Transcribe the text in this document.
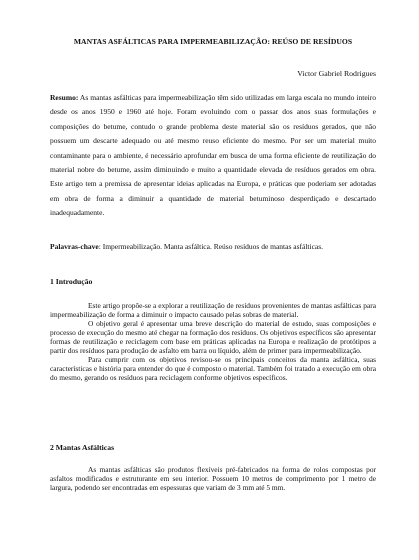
MANTAS ASFÁLTICAS PARA IMPERMEABILIZAÇÃO: REÚSO DE RESÍDUOS
Victor Gabriel Rodrigues
Resumo: As mantas asfálticas para impermeabilização têm sido utilizadas em larga escala no mundo inteiro desde os anos 1950 e 1960 até hoje. Foram evoluindo com o passar dos anos suas formulações e composições do betume, contudo o grande problema deste material são os resíduos gerados, que não possuem um descarte adequado ou até mesmo reuso eficiente do mesmo. Por ser um material muito contaminante para o ambiente, é necessário aprofundar em busca de uma forma eficiente de reutilização do material nobre do betume, assim diminuindo e muito a quantidade elevada de resíduos gerados em obra. Este artigo tem a premissa de apresentar ideias aplicadas na Europa, e práticas que poderiam ser adotadas em obra de forma a diminuir a quantidade de material betuminoso desperdiçado e descartado inadequadamente.
Palavras-chave: Impermeabilização. Manta asfáltica. Reúso resíduos de mantas asfálticas.
1 Introdução

Este artigo propõe-se a explorar a reutilização de resíduos provenientes de mantas asfálticas para impermeabilização de forma a diminuir o impacto causado pelas sobras de material.

O objetivo geral é apresentar uma breve descrição do material de estudo, suas composições e processo de execução do mesmo até chegar na formação dos resíduos. Os objetivos específicos são apresentar formas de reutilização e reciclagem com base em práticas aplicadas na Europa e realização de protótipos a partir dos resíduos para produção de asfalto em barra ou líquido, além de primer para impermeabilização.

Para cumprir com os objetivos revisou-se os principais conceitos da manta asfáltica, suas características e história para entender do que é composto o material. Também foi tratado a execução em obra do mesmo, gerando os resíduos para reciclagem conforme objetivos específicos.

2 Mantas Asfálticas

As mantas asfálticas são produtos flexíveis pré-fabricados na forma de rolos compostas por asfaltos modificados e estruturante em seu interior. Possuem 10 metros de comprimento por 1 metro de largura, podendo ser encontradas em espessuras que variam de 3 mm até 5 mm.
